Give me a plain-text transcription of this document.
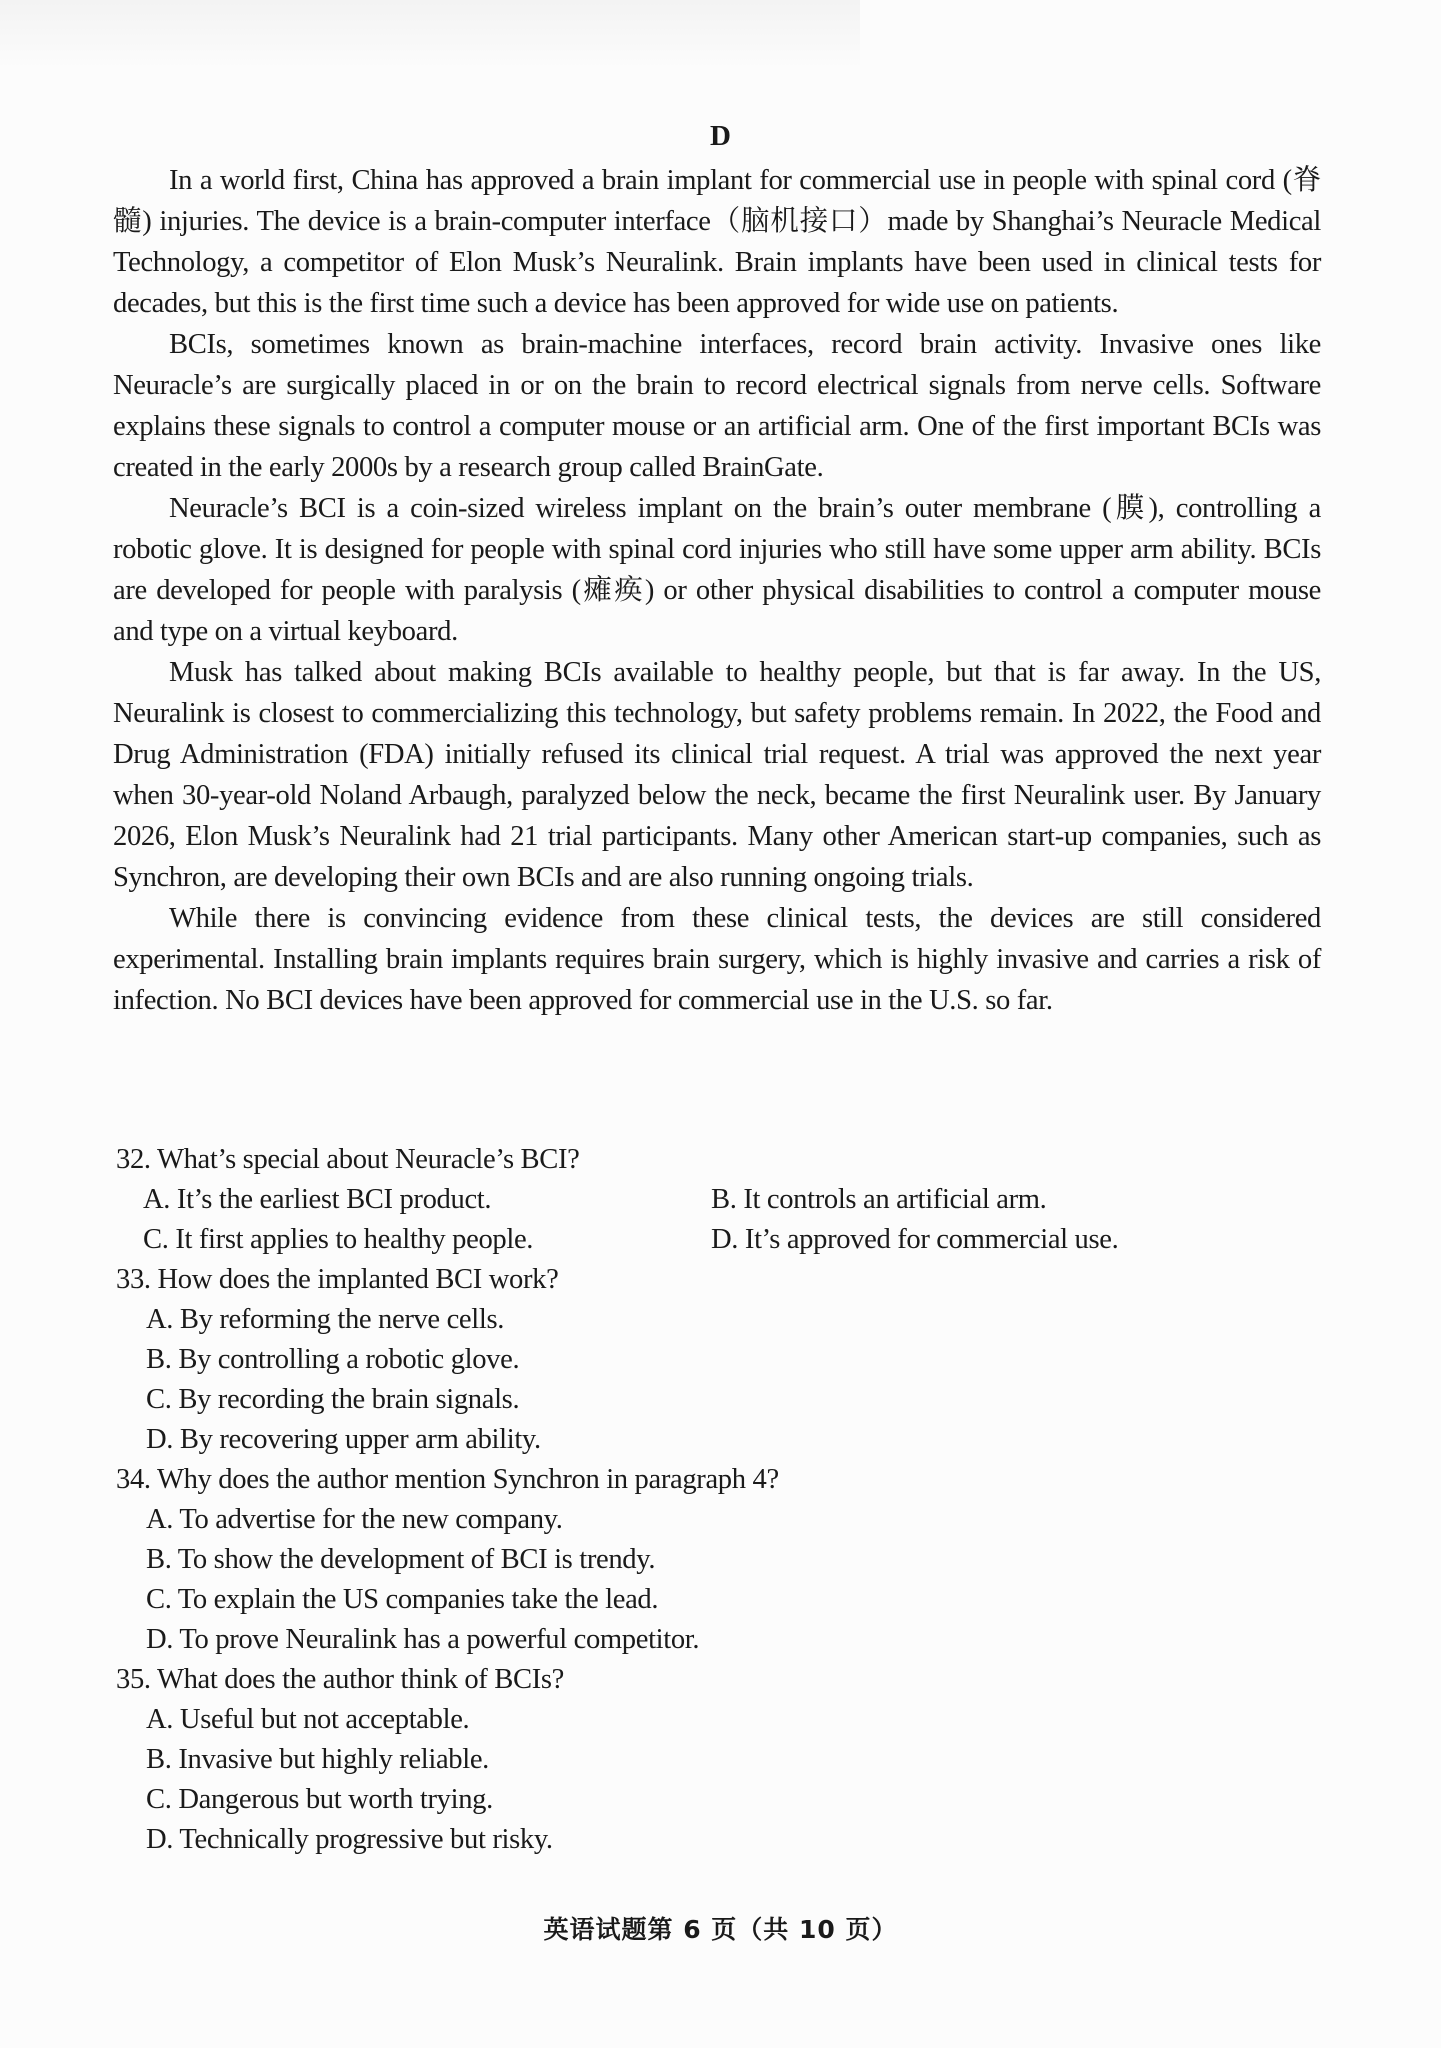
D

In a world first, China has approved a brain implant for commercial use in people with spinal cord (脊髓) injuries. The device is a brain-computer interface（脑机接口）made by Shanghai’s Neuracle Medical Technology, a competitor of Elon Musk’s Neuralink. Brain implants have been used in clinical tests for decades, but this is the first time such a device has been approved for wide use on patients.

BCIs, sometimes known as brain-machine interfaces, record brain activity. Invasive ones like Neuracle’s are surgically placed in or on the brain to record electrical signals from nerve cells. Software explains these signals to control a computer mouse or an artificial arm. One of the first important BCIs was created in the early 2000s by a research group called BrainGate.

Neuracle’s BCI is a coin-sized wireless implant on the brain’s outer membrane (膜), controlling a robotic glove. It is designed for people with spinal cord injuries who still have some upper arm ability. BCIs are developed for people with paralysis (瘫痪) or other physical disabilities to control a computer mouse and type on a virtual keyboard.

Musk has talked about making BCIs available to healthy people, but that is far away. In the US, Neuralink is closest to commercializing this technology, but safety problems remain. In 2022, the Food and Drug Administration (FDA) initially refused its clinical trial request. A trial was approved the next year when 30-year-old Noland Arbaugh, paralyzed below the neck, became the first Neuralink user. By January 2026, Elon Musk’s Neuralink had 21 trial participants. Many other American start-up companies, such as Synchron, are developing their own BCIs and are also running ongoing trials.

While there is convincing evidence from these clinical tests, the devices are still considered experimental. Installing brain implants requires brain surgery, which is highly invasive and carries a risk of infection. No BCI devices have been approved for commercial use in the U.S. so far.

32. What’s special about Neuracle’s BCI?
A. It’s the earliest BCI product.	B. It controls an artificial arm.
C. It first applies to healthy people.	D. It’s approved for commercial use.
33. How does the implanted BCI work?
A. By reforming the nerve cells.
B. By controlling a robotic glove.
C. By recording the brain signals.
D. By recovering upper arm ability.
34. Why does the author mention Synchron in paragraph 4?
A. To advertise for the new company.
B. To show the development of BCI is trendy.
C. To explain the US companies take the lead.
D. To prove Neuralink has a powerful competitor.
35. What does the author think of BCIs?
A. Useful but not acceptable.
B. Invasive but highly reliable.
C. Dangerous but worth trying.
D. Technically progressive but risky.
英语试题第 6 页（共 10 页）
